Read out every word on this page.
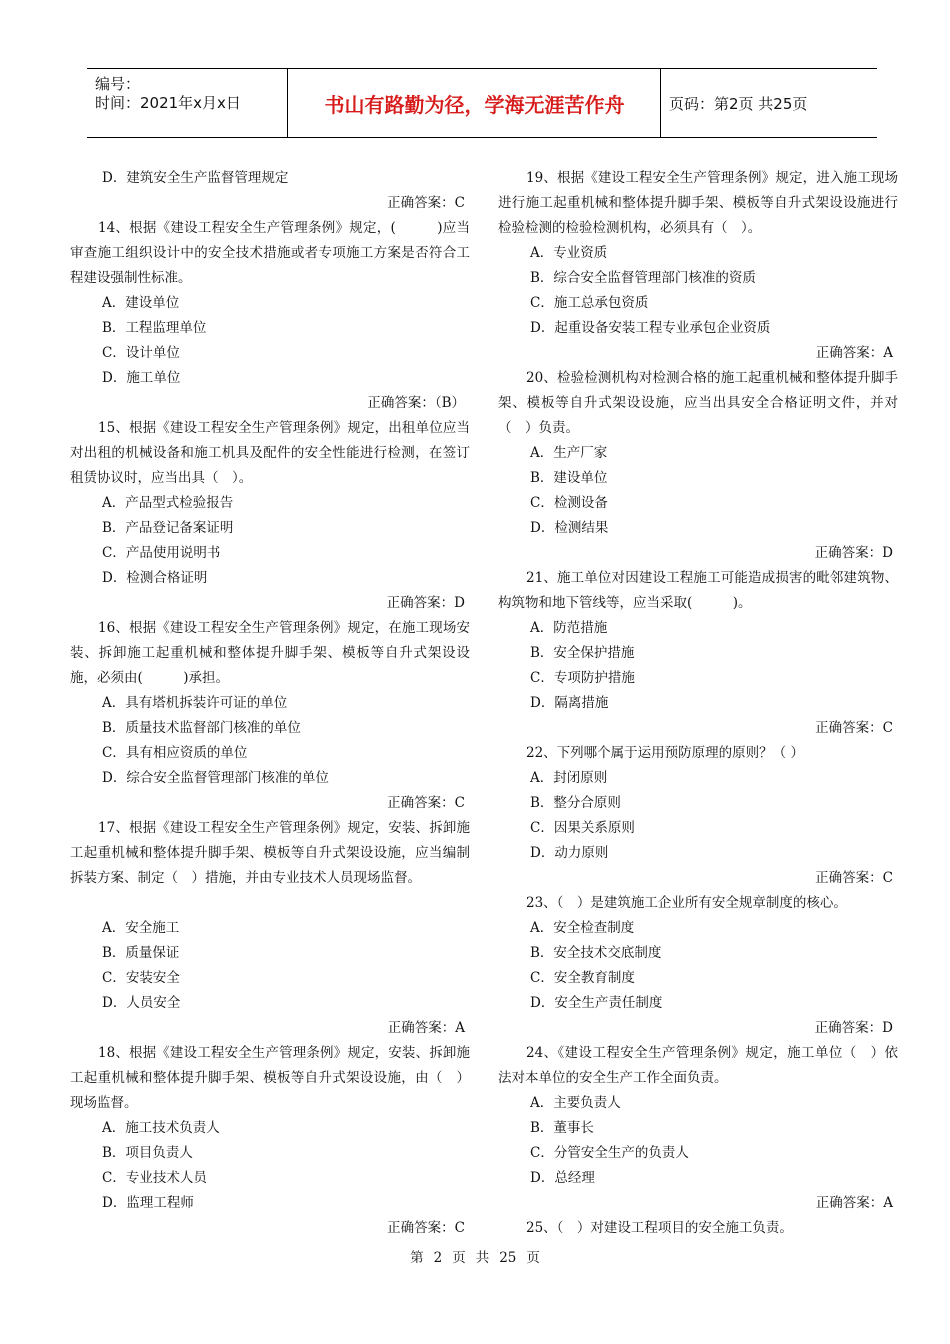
编号：
时间：2021年x月x日	书山有路勤为径，学海无涯苦作舟	页码：第2页 共25页
D．建筑安全生产监督管理规定
正确答案：C
14、根据《建设工程安全生产管理条例》规定，(　　　)应当审查施工组织设计中的安全技术措施或者专项施工方案是否符合工程建设强制性标准。
A．建设单位
B．工程监理单位
C．设计单位
D．施工单位
正确答案：（B）
15、根据《建设工程安全生产管理条例》规定，出租单位应当对出租的机械设备和施工机具及配件的安全性能进行检测，在签订租赁协议时，应当出具（　）。
A．产品型式检验报告
B．产品登记备案证明
C．产品使用说明书
D．检测合格证明
正确答案：D
16、根据《建设工程安全生产管理条例》规定，在施工现场安装、拆卸施工起重机械和整体提升脚手架、模板等自升式架设设施，必须由(　　　)承担。
A．具有塔机拆装许可证的单位
B．质量技术监督部门核准的单位
C．具有相应资质的单位
D．综合安全监督管理部门核准的单位
正确答案：C
17、根据《建设工程安全生产管理条例》规定，安装、拆卸施工起重机械和整体提升脚手架、模板等自升式架设设施，应当编制拆装方案、制定（　）措施，并由专业技术人员现场监督。
A．安全施工
B．质量保证
C．安装安全
D．人员安全
正确答案：A
18、根据《建设工程安全生产管理条例》规定，安装、拆卸施工起重机械和整体提升脚手架、模板等自升式架设设施，由（　）现场监督。
A．施工技术负责人
B．项目负责人
C．专业技术人员
D．监理工程师
正确答案：C
19、根据《建设工程安全生产管理条例》规定，进入施工现场进行施工起重机械和整体提升脚手架、模板等自升式架设设施进行检验检测的检验检测机构，必须具有（　）。
A．专业资质
B．综合安全监督管理部门核准的资质
C．施工总承包资质
D．起重设备安装工程专业承包企业资质
正确答案：A
20、检验检测机构对检测合格的施工起重机械和整体提升脚手架、模板等自升式架设设施，应当出具安全合格证明文件，并对（　）负责。
A．生产厂家
B．建设单位
C．检测设备
D．检测结果
正确答案：D
21、施工单位对因建设工程施工可能造成损害的毗邻建筑物、构筑物和地下管线等，应当采取(　　　)。
A．防范措施
B．安全保护措施
C．专项防护措施
D．隔离措施
正确答案：C
22、下列哪个属于运用预防原理的原则？（ ）
A．封闭原则
B．整分合原则
C．因果关系原则
D．动力原则
正确答案：C
23、（　）是建筑施工企业所有安全规章制度的核心。
A．安全检查制度
B．安全技术交底制度
C．安全教育制度
D．安全生产责任制度
正确答案：D
24、《建设工程安全生产管理条例》规定，施工单位（　）依法对本单位的安全生产工作全面负责。
A．主要负责人
B．董事长
C．分管安全生产的负责人
D．总经理
正确答案：A
25、（　）对建设工程项目的安全施工负责。
第 2 页 共 25 页
